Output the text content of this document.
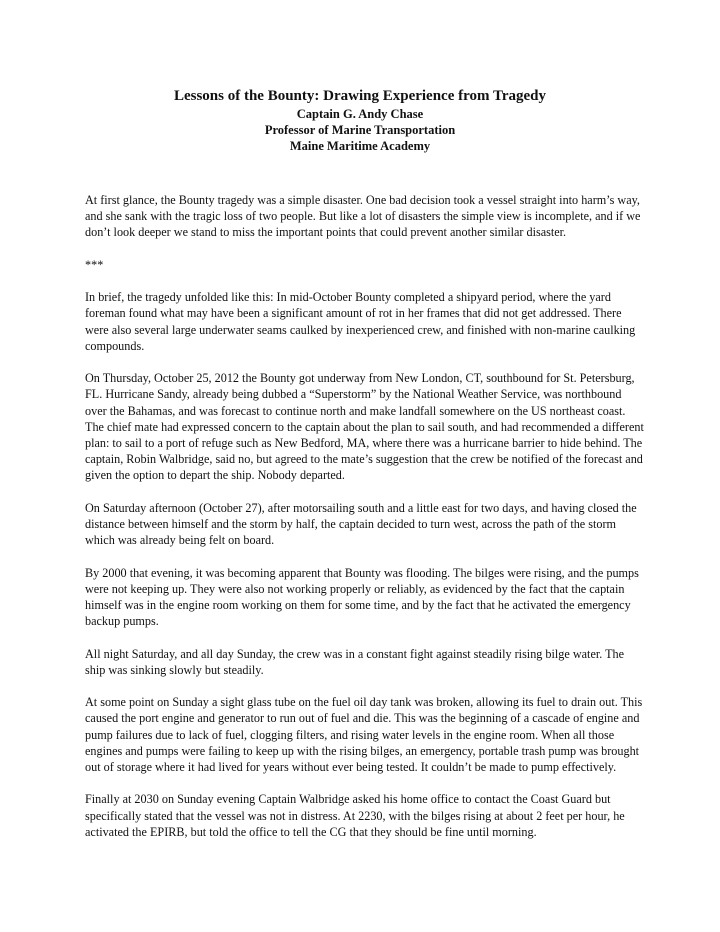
Lessons of the Bounty: Drawing Experience from Tragedy
Captain G. Andy Chase
Professor of Marine Transportation
Maine Maritime Academy

At first glance, the Bounty tragedy was a simple disaster. One bad decision took a vessel straight into harm’s way, and she sank with the tragic loss of two people. But like a lot of disasters the simple view is incomplete, and if we don’t look deeper we stand to miss the important points that could prevent another similar disaster.

***

In brief, the tragedy unfolded like this: In mid-October Bounty completed a shipyard period, where the yard foreman found what may have been a significant amount of rot in her frames that did not get addressed. There were also several large underwater seams caulked by inexperienced crew, and finished with non-marine caulking compounds.

On Thursday, October 25, 2012 the Bounty got underway from New London, CT, southbound for St. Petersburg, FL. Hurricane Sandy, already being dubbed a “Superstorm” by the National Weather Service, was northbound over the Bahamas, and was forecast to continue north and make landfall somewhere on the US northeast coast. The chief mate had expressed concern to the captain about the plan to sail south, and had recommended a different plan: to sail to a port of refuge such as New Bedford, MA, where there was a hurricane barrier to hide behind. The captain, Robin Walbridge, said no, but agreed to the mate’s suggestion that the crew be notified of the forecast and given the option to depart the ship. Nobody departed.

On Saturday afternoon (October 27), after motorsailing south and a little east for two days, and having closed the distance between himself and the storm by half, the captain decided to turn west, across the path of the storm which was already being felt on board.

By 2000 that evening, it was becoming apparent that Bounty was flooding. The bilges were rising, and the pumps were not keeping up. They were also not working properly or reliably, as evidenced by the fact that the captain himself was in the engine room working on them for some time, and by the fact that he activated the emergency backup pumps.

All night Saturday, and all day Sunday, the crew was in a constant fight against steadily rising bilge water. The ship was sinking slowly but steadily.

At some point on Sunday a sight glass tube on the fuel oil day tank was broken, allowing its fuel to drain out. This caused the port engine and generator to run out of fuel and die. This was the beginning of a cascade of engine and pump failures due to lack of fuel, clogging filters, and rising water levels in the engine room. When all those engines and pumps were failing to keep up with the rising bilges, an emergency, portable trash pump was brought out of storage where it had lived for years without ever being tested. It couldn’t be made to pump effectively.

Finally at 2030 on Sunday evening Captain Walbridge asked his home office to contact the Coast Guard but specifically stated that the vessel was not in distress. At 2230, with the bilges rising at about 2 feet per hour, he activated the EPIRB, but told the office to tell the CG that they should be fine until morning.
